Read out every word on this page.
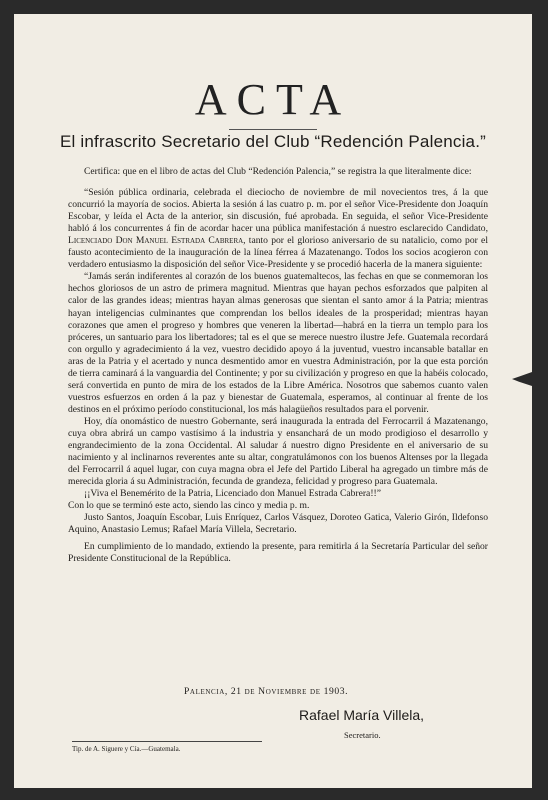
ACTA
El infrascrito Secretario del Club “Redención Palencia.”

Certifica: que en el libro de actas del Club “Redención Palencia,” se registra la que literalmente dice:

“Sesión pública ordinaria, celebrada el dieciocho de noviembre de mil novecientos tres, á la que concurrió la mayoría de socios. Abierta la sesión á las cuatro p. m. por el señor Vice-Presidente don Joaquín Escobar, y leída el Acta de la anterior, sin discusión, fué aprobada. En seguida, el señor Vice-Presidente habló á los concurrentes á fin de acordar hacer una pública manifestación á nuestro esclarecido Candidato, Licenciado Don Manuel Estrada Cabrera, tanto por el glorioso aniversario de su natalicio, como por el fausto acontecimiento de la inauguración de la línea férrea á Mazatenango. Todos los socios acogieron con verdadero entusiasmo la disposición del señor Vice-Presidente y se procedió hacerla de la manera siguiente:

“Jamás serán indiferentes al corazón de los buenos guatemaltecos, las fechas en que se conmemoran los hechos gloriosos de un astro de primera magnitud. Mientras que hayan pechos esforzados que palpiten al calor de las grandes ideas; mientras hayan almas generosas que sientan el santo amor á la Patria; mientras hayan inteligencias culminantes que comprendan los bellos ideales de la prosperidad; mientras hayan corazones que amen el progreso y hombres que veneren la libertad—habrá en la tierra un templo para los próceres, un santuario para los libertadores; tal es el que se merece nuestro ilustre Jefe. Guatemala recordará con orgullo y agradecimiento á la vez, vuestro decidido apoyo á la juventud, vuestro incansable batallar en aras de la Patria y el acertado y nunca desmentido amor en vuestra Administración, por la que esta porción de tierra caminará á la vanguardia del Continente; y por su civilización y progreso en que la habéis colocado, será convertida en punto de mira de los estados de la Libre América. Nosotros que sabemos cuanto valen vuestros esfuerzos en orden á la paz y bienestar de Guatemala, esperamos, al continuar al frente de los destinos en el próximo período constitucional, los más halagüeños resultados para el porvenir.

Hoy, día onomástico de nuestro Gobernante, será inaugurada la entrada del Ferrocarril á Mazatenango, cuya obra abrirá un campo vastísimo á la industria y ensanchará de un modo prodigioso el desarrollo y engrandecimiento de la zona Occidental. Al saludar á nuestro digno Presidente en el aniversario de su nacimiento y al inclinarnos reverentes ante su altar, congratulámonos con los buenos Altenses por la llegada del Ferrocarril á aquel lugar, con cuya magna obra el Jefe del Partido Liberal ha agregado un timbre más de merecida gloria á su Administración, fecunda de grandeza, felicidad y progreso para Guatemala.

¡¡Viva el Benemérito de la Patria, Licenciado don Manuel Estrada Cabrera!!”

Con lo que se terminó este acto, siendo las cinco y media p. m.

Justo Santos, Joaquín Escobar, Luis Enríquez, Carlos Vásquez, Doroteo Gatica, Valerio Girón, Ildefonso Aquino, Anastasio Lemus; Rafael María Villela, Secretario.

En cumplimiento de lo mandado, extiendo la presente, para remitirla á la Secretaría Particular del señor Presidente Constitucional de la República.

Palencia, 21 de Noviembre de 1903.
Rafael María Villela,
Secretario.
Tip. de A. Siguere y Cía.—Guatemala.
